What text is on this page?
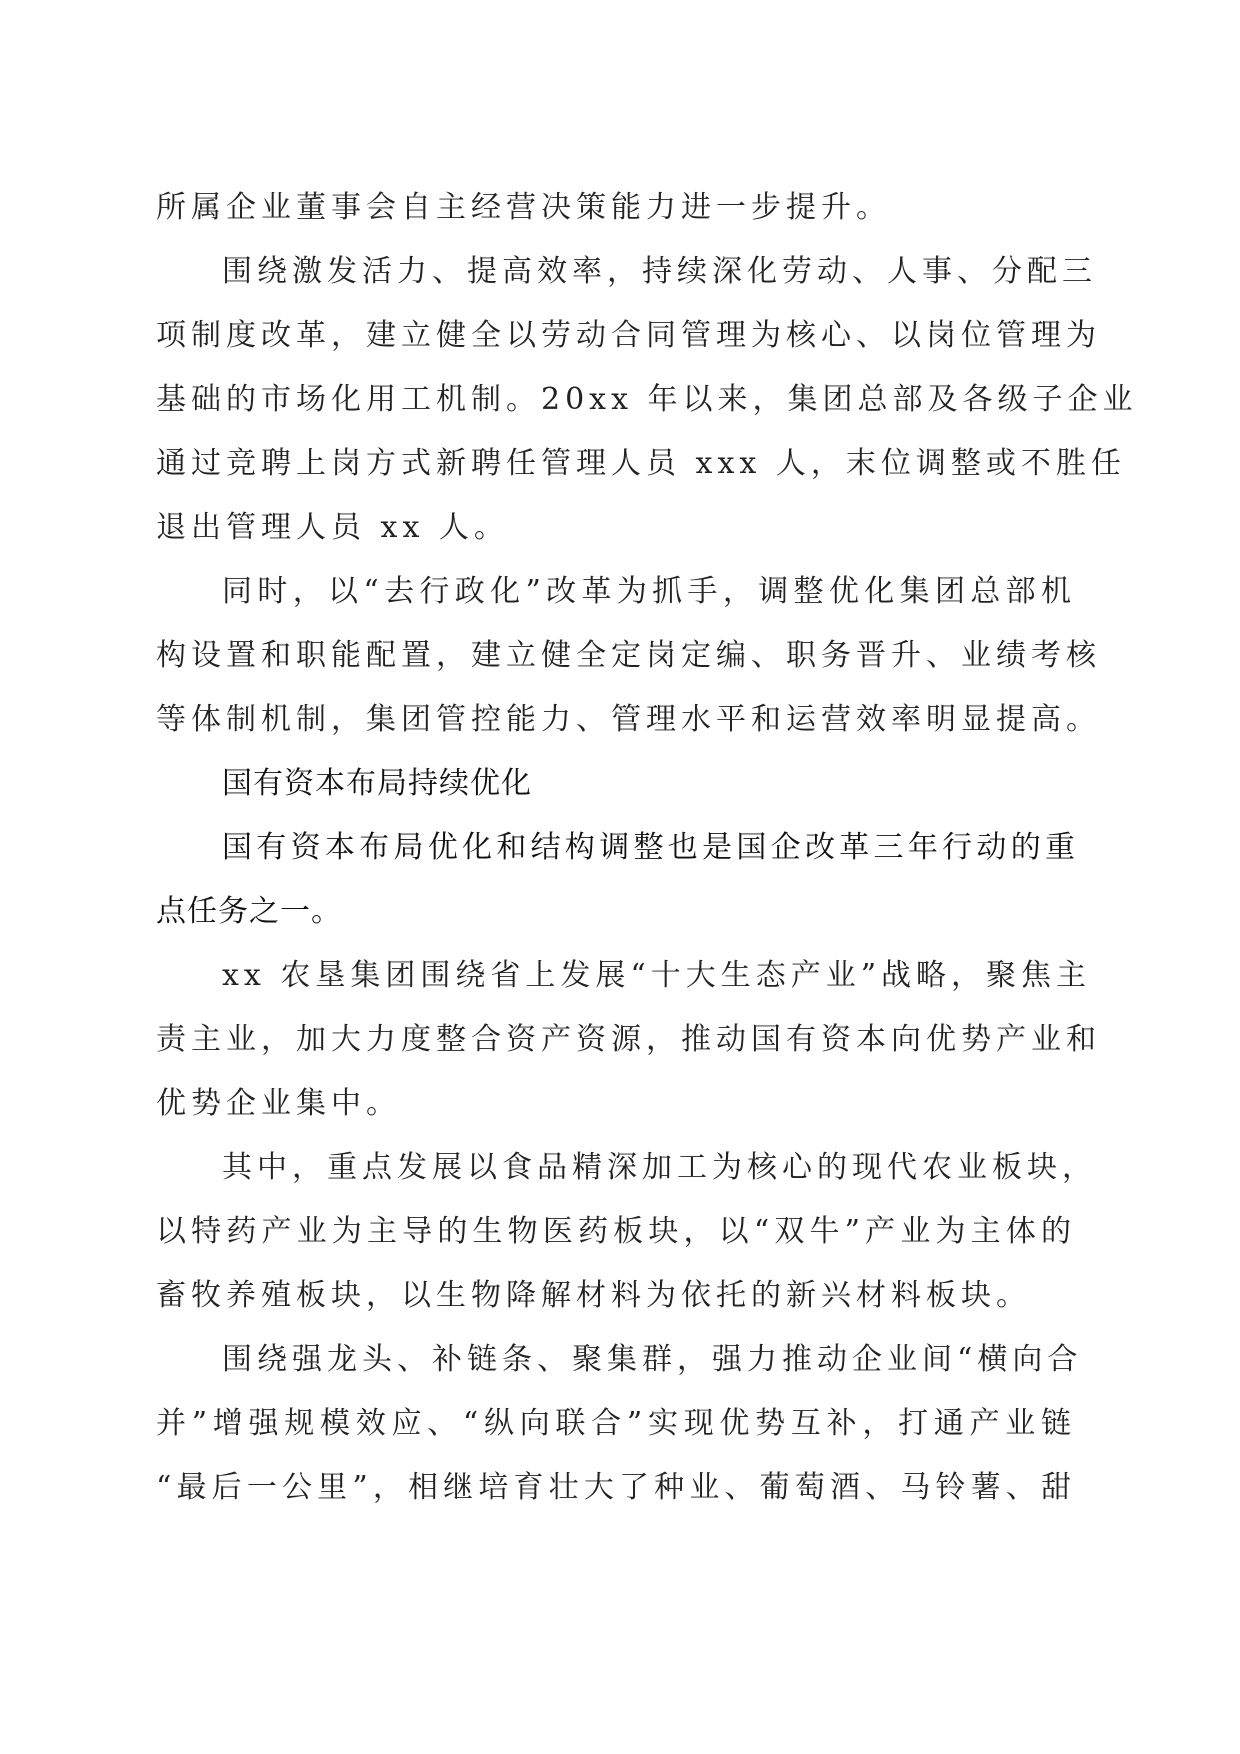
所属企业董事会自主经营决策能力进一步提升。
围绕激发活力、提高效率，持续深化劳动、人事、分配三
项制度改革，建立健全以劳动合同管理为核心、以岗位管理为
基础的市场化用工机制。20xx 年以来，集团总部及各级子企业
通过竞聘上岗方式新聘任管理人员 xxx 人，末位调整或不胜任
退出管理人员 xx 人。
同时，以“去行政化”改革为抓手，调整优化集团总部机
构设置和职能配置，建立健全定岗定编、职务晋升、业绩考核
等体制机制，集团管控能力、管理水平和运营效率明显提高。
国有资本布局持续优化
国有资本布局优化和结构调整也是国企改革三年行动的重
点任务之一。
xx 农垦集团围绕省上发展“十大生态产业”战略，聚焦主
责主业，加大力度整合资产资源，推动国有资本向优势产业和
优势企业集中。
其中，重点发展以食品精深加工为核心的现代农业板块，
以特药产业为主导的生物医药板块，以“双牛”产业为主体的
畜牧养殖板块，以生物降解材料为依托的新兴材料板块。
围绕强龙头、补链条、聚集群，强力推动企业间“横向合
并”增强规模效应、“纵向联合”实现优势互补，打通产业链
“最后一公里”，相继培育壮大了种业、葡萄酒、马铃薯、甜
